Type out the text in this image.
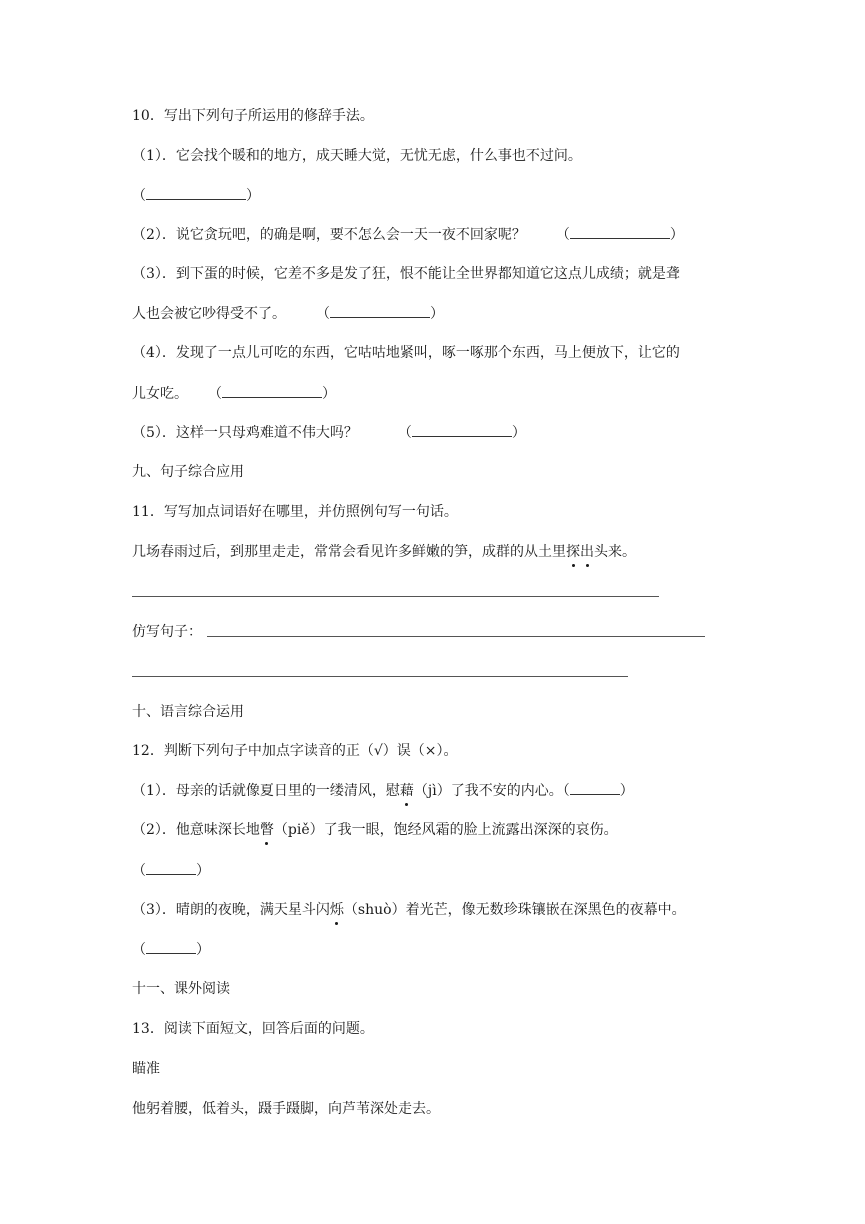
10．写出下列句子所运用的修辞手法。
（1）．它会找个暖和的地方，成天睡大觉，无忧无虑，什么事也不过问。
（	）
（2）．说它贪玩吧，的确是啊，要不怎么会一天一夜不回家呢？ （	）
（3）．到下蛋的时候，它差不多是发了狂，恨不能让全世界都知道它这点儿成绩；就是聋
人也会被它吵得受不了。 （	）
（4）．发现了一点儿可吃的东西，它咕咕地紧叫，啄一啄那个东西，马上便放下，让它的
儿女吃。 （	）
（5）．这样一只母鸡难道不伟大吗？	（	）
九、句子综合应用
11．写写加点词语好在哪里，并仿照例句写一句话。
几场春雨过后，到那里走走，常常会看见许多鲜嫩的笋，成群的从土里探出头来。
仿写句子：
十、语言综合运用
12．判断下列句子中加点字读音的正（√）误（×）。
（1）．母亲的话就像夏日里的一缕清风，慰藉（jì）了我不安的内心。（	）
（2）．他意味深长地瞥（piě）了我一眼，饱经风霜的脸上流露出深深的哀伤。
（	）
（3）．晴朗的夜晚，满天星斗闪烁（shuò）着光芒，像无数珍珠镶嵌在深黑色的夜幕中。
（	）
十一、课外阅读
13．阅读下面短文，回答后面的问题。
瞄准
他躬着腰，低着头，蹑手蹑脚，向芦苇深处走去。
